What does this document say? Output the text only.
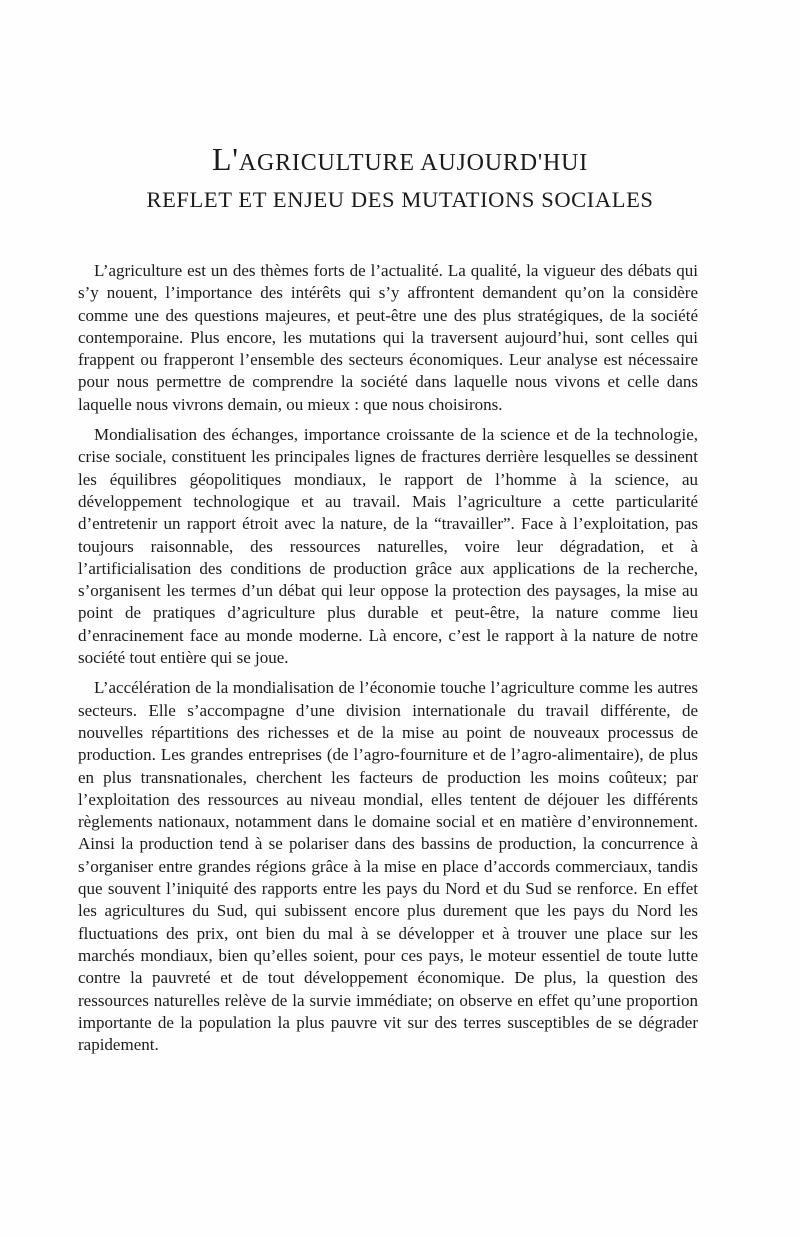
L'AGRICULTURE AUJOURD'HUI
REFLET ET ENJEU DES MUTATIONS SOCIALES

L’agriculture est un des thèmes forts de l’actualité. La qualité, la vigueur des débats qui s’y nouent, l’importance des intérêts qui s’y affrontent demandent qu’on la considère comme une des questions majeures, et peut-être une des plus stratégiques, de la société contemporaine. Plus encore, les mutations qui la traversent aujourd’hui, sont celles qui frappent ou frapperont l’ensemble des secteurs économiques. Leur analyse est nécessaire pour nous permettre de comprendre la société dans laquelle nous vivons et celle dans laquelle nous vivrons demain, ou mieux : que nous choisirons.

Mondialisation des échanges, importance croissante de la science et de la technologie, crise sociale, constituent les principales lignes de fractures derrière lesquelles se dessinent les équilibres géopolitiques mondiaux, le rapport de l’homme à la science, au développement technologique et au travail. Mais l’agriculture a cette particularité d’entretenir un rapport étroit avec la nature, de la “travailler”. Face à l’exploitation, pas toujours raisonnable, des ressources naturelles, voire leur dégradation, et à l’artificialisation des conditions de production grâce aux applications de la recherche, s’organisent les termes d’un débat qui leur oppose la protection des paysages, la mise au point de pratiques d’agriculture plus durable et peut-être, la nature comme lieu d’enracinement face au monde moderne. Là encore, c’est le rapport à la nature de notre société tout entière qui se joue.

L’accélération de la mondialisation de l’économie touche l’agriculture comme les autres secteurs. Elle s’accompagne d’une division internationale du travail différente, de nouvelles répartitions des richesses et de la mise au point de nouveaux processus de production. Les grandes entreprises (de l’agro-fourniture et de l’agro-alimentaire), de plus en plus transnationales, cherchent les facteurs de production les moins coûteux; par l’exploitation des ressources au niveau mondial, elles tentent de déjouer les différents règlements nationaux, notamment dans le domaine social et en matière d’environnement. Ainsi la production tend à se polariser dans des bassins de production, la concurrence à s’organiser entre grandes régions grâce à la mise en place d’accords commerciaux, tandis que souvent l’iniquité des rapports entre les pays du Nord et du Sud se renforce. En effet les agricultures du Sud, qui subissent encore plus durement que les pays du Nord les fluctuations des prix, ont bien du mal à se développer et à trouver une place sur les marchés mondiaux, bien qu’elles soient, pour ces pays, le moteur essentiel de toute lutte contre la pauvreté et de tout développement économique. De plus, la question des ressources naturelles relève de la survie immédiate; on observe en effet qu’une proportion importante de la population la plus pauvre vit sur des terres susceptibles de se dégrader rapidement.
